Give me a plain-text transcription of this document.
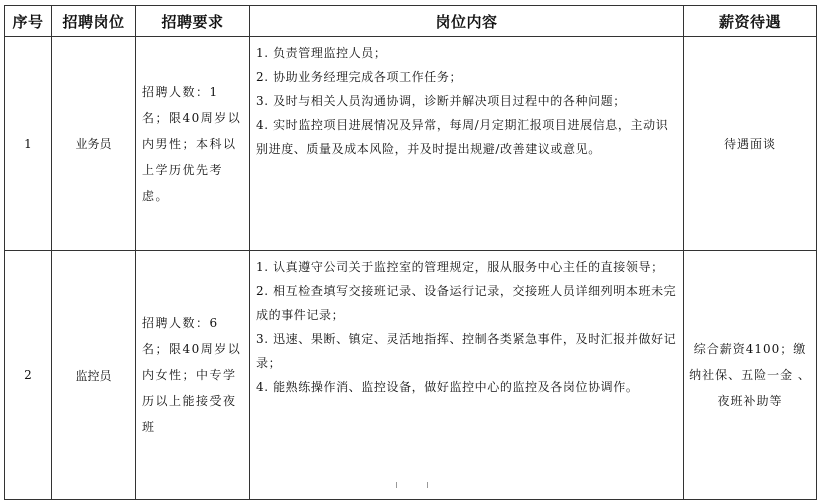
序号	招聘岗位	招聘要求	岗位内容	薪资待遇
1	业务员	招聘人数：1名；限40周岁以内男性；本科以上学历优先考虑。	1. 负责管理监控人员；
2. 协助业务经理完成各项工作任务；
3. 及时与相关人员沟通协调，诊断并解决项目过程中的各种问题；
4. 实时监控项目进展情况及异常，每周/月定期汇报项目进展信息，主动识别进度、质量及成本风险，并及时提出规避/改善建议或意见。	待遇面谈
2	监控员	招聘人数：6名；限40周岁以内女性；中专学历以上能接受夜班	1. 认真遵守公司关于监控室的管理规定，服从服务中心主任的直接领导；
2. 相互检查填写交接班记录、设备运行记录，交接班人员详细列明本班未完成的事件记录；
3. 迅速、果断、镇定、灵活地指挥、控制各类紧急事件，及时汇报并做好记录；
4. 能熟练操作消、监控设备，做好监控中心的监控及各岗位协调作。	综合薪资4100；缴纳社保、五险一金 、夜班补助等
